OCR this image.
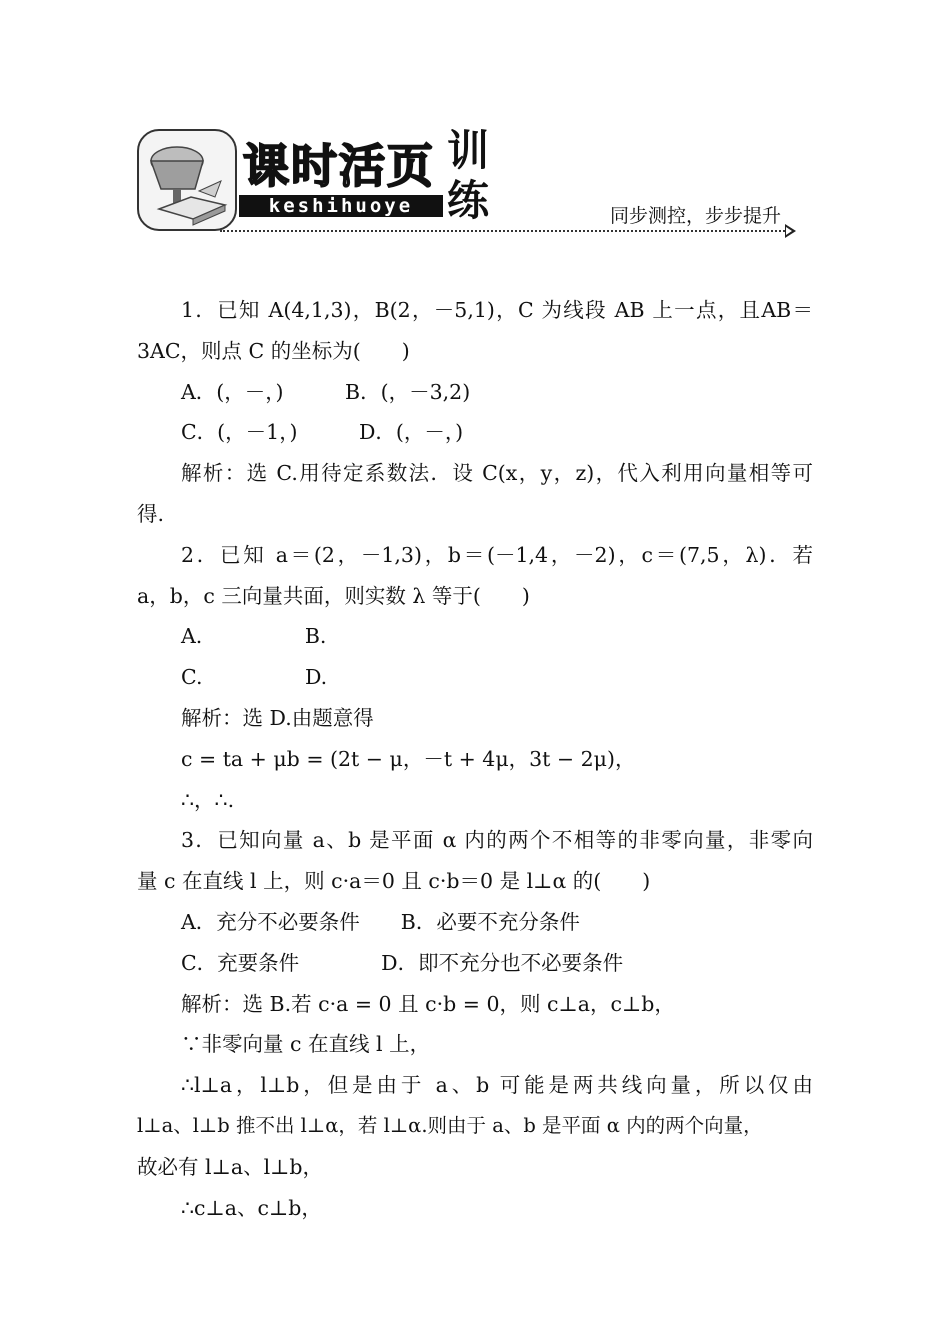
课时活页
keshihuoye
训
练	同步测控，步步提升

1．已知 A(4,1,3)，B(2，－5,1)，C 为线段 AB 上一点，且AB＝

3AC，则点 C 的坐标为(　　)

A．(，－，)　　　B．(，－3,2)

C．(，－1，)　　　D．(，－，)

解析：选 C.用待定系数法．设 C(x，y，z)，代入利用向量相等可

得.

2．已知 a＝(2，－1,3)，b＝(－1,4，－2)，c＝(7,5，λ)．若

a，b，c 三向量共面，则实数 λ 等于(　　)

A.　　　　　B.

C.　　　　　D.

解析：选 D.由题意得

c = ta + μb = (2t − μ，－t + 4μ，3t − 2μ)，

∴，∴.

3．已知向量 a、b 是平面 α 内的两个不相等的非零向量，非零向

量 c 在直线 l 上，则 c·a＝0 且 c·b＝0 是 l⊥α 的(　　)

A．充分不必要条件　　B．必要不充分条件

C．充要条件　　　　D．即不充分也不必要条件

解析：选 B.若 c·a = 0 且 c·b = 0，则 c⊥a，c⊥b，

∵非零向量 c 在直线 l 上，

∴l⊥a，l⊥b，但是由于 a、b 可能是两共线向量，所以仅由

l⊥a、l⊥b 推不出 l⊥α，若 l⊥α.则由于 a、b 是平面 α 内的两个向量，

故必有 l⊥a、l⊥b，

∴c⊥a、c⊥b，
